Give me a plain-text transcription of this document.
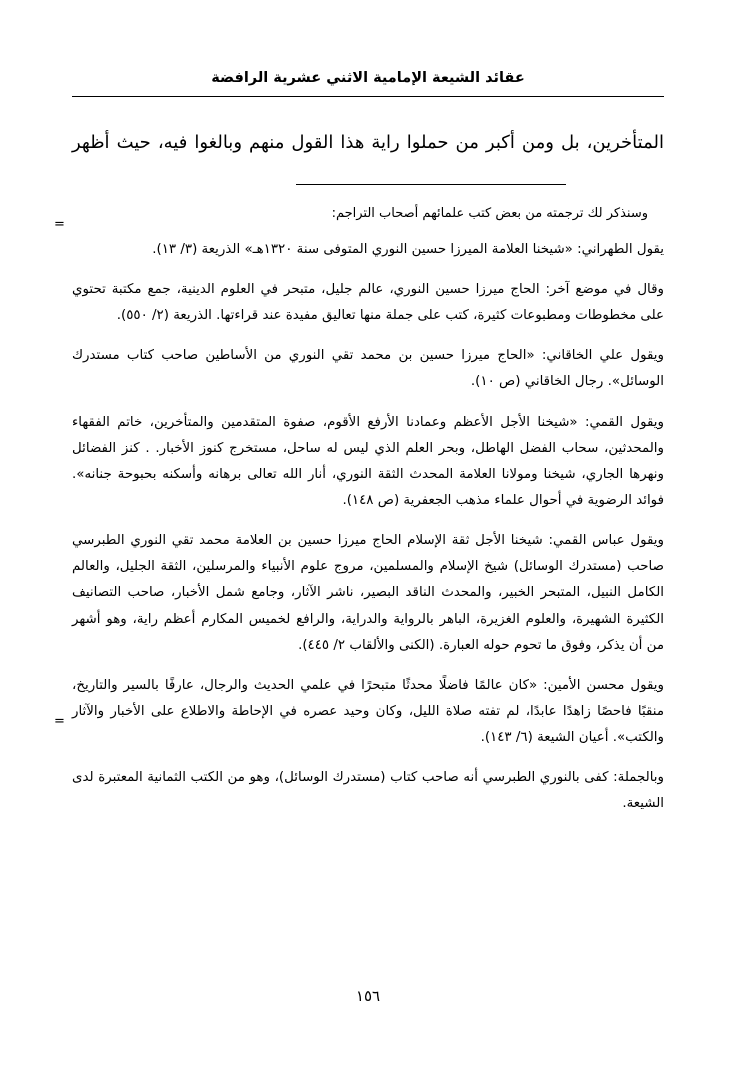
عقائد الشيعة الإمامية الاثني عشرية الرافضة

المتأخرين، بل ومن أكبر من حملوا راية هذا القول منهم وبالغوا فيه، حيث أظهر

=
=

وسنذكر لك ترجمته من بعض كتب علمائهم أصحاب التراجم:

يقول الطهراني: «شيخنا العلامة الميرزا حسين النوري المتوفى سنة ١٣٢٠هـ» الذريعة (٣/ ١٣).

وقال في موضع آخر: الحاج ميرزا حسين النوري، عالم جليل، متبحر في العلوم الدينية، جمع مكتبة تحتوي على مخطوطات ومطبوعات كثيرة، كتب على جملة منها تعاليق مفيدة عند قراءتها. الذريعة (٢/ ٥٥٠).

ويقول علي الخاقاني: «الحاج ميرزا حسين بن محمد تقي النوري من الأساطين صاحب كتاب مستدرك الوسائل». رجال الخاقاني (ص ١٠).

ويقول القمي: «شيخنا الأجل الأعظم وعمادنا الأرفع الأقوم، صفوة المتقدمين والمتأخرين، خاتم الفقهاء والمحدثين، سحاب الفضل الهاطل، وبحر العلم الذي ليس له ساحل، مستخرج كنوز الأخبار. . كنز الفضائل ونهرها الجاري، شيخنا ومولانا العلامة المحدث الثقة النوري، أنار الله تعالى برهانه وأسكنه بحبوحة جنانه». فوائد الرضوية في أحوال علماء مذهب الجعفرية (ص ١٤٨).

ويقول عباس القمي: شيخنا الأجل ثقة الإسلام الحاج ميرزا حسين بن العلامة محمد تقي النوري الطبرسي صاحب (مستدرك الوسائل) شيخ الإسلام والمسلمين، مروج علوم الأنبياء والمرسلين، الثقة الجليل، والعالم الكامل النبيل، المتبحر الخبير، والمحدث الناقد البصير، ناشر الآثار، وجامع شمل الأخبار، صاحب التصانيف الكثيرة الشهيرة، والعلوم الغزيرة، الباهر بالرواية والدراية، والرافع لخميس المكارم أعظم راية، وهو أشهر من أن يذكر، وفوق ما تحوم حوله العبارة. (الكنى والألقاب ٢/ ٤٤٥).

ويقول محسن الأمين: «كان عالمًا فاضلًا محدثًا متبحرًا في علمي الحديث والرجال، عارفًا بالسير والتاريخ، منقبًا فاحصًا زاهدًا عابدًا، لم تفته صلاة الليل، وكان وحيد عصره في الإحاطة والاطلاع على الأخبار والآثار والكتب». أعيان الشيعة (٦/ ١٤٣).

وبالجملة: كفى بالنوري الطبرسي أنه صاحب كتاب (مستدرك الوسائل)، وهو من الكتب الثمانية المعتبرة لدى الشيعة.

١٥٦
